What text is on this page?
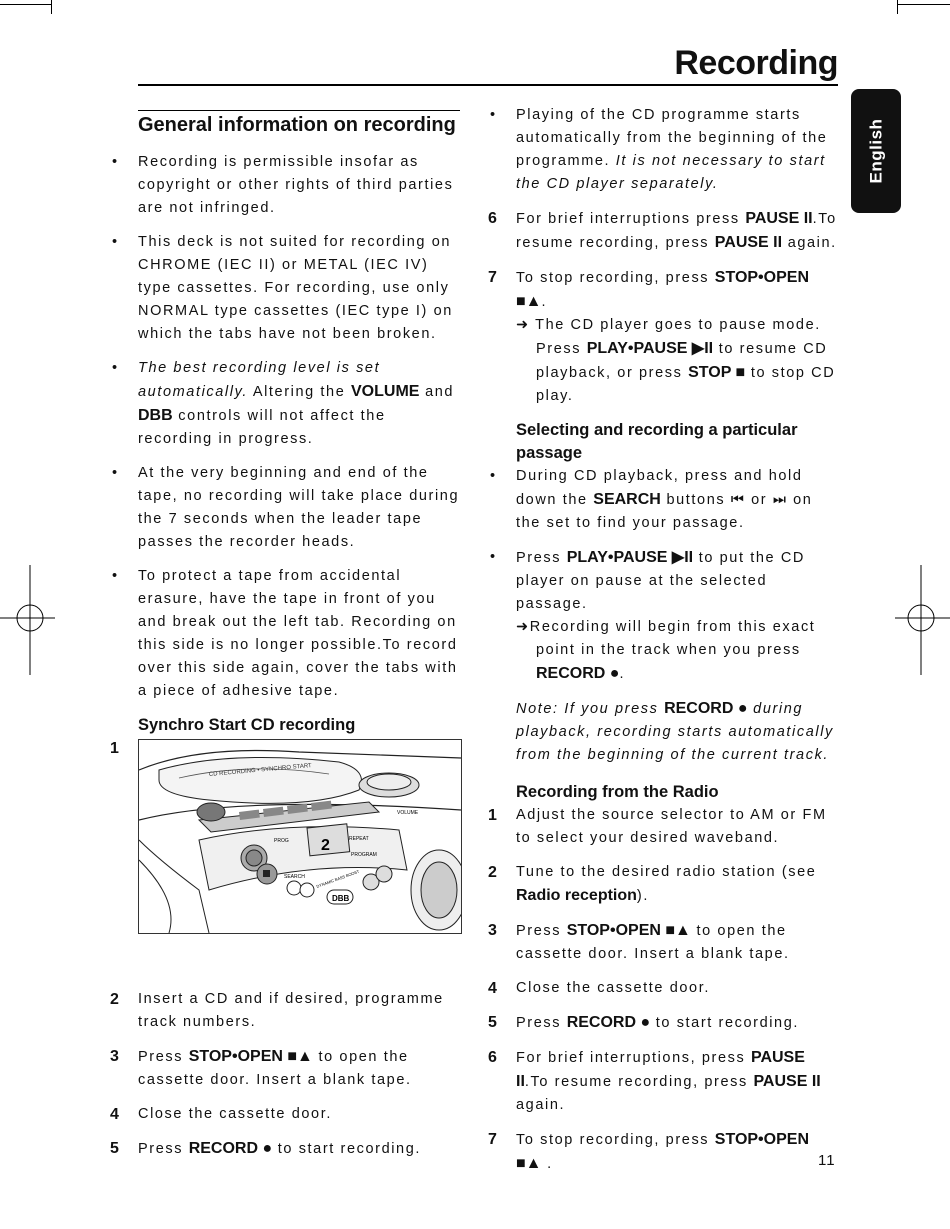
Recording
English
General information on recording
• Recording is permissible insofar as copyright or other rights of third parties are not infringed.
• This deck is not suited for recording on CHROME (IEC II) or METAL (IEC IV) type cassettes. For recording, use only NORMAL type cassettes (IEC type I) on which the tabs have not been broken.
• The best recording level is set automatically. Altering the VOLUME and DBB controls will not affect the recording in progress.
• At the very beginning and end of the tape, no recording will take place during the 7 seconds when the leader tape passes the recorder heads.
• To protect a tape from accidental erasure, have the tape in front of you and break out the left tab. Recording on this side is no longer possible.To record over this side again, cover the tabs with a piece of adhesive tape.
Synchro Start CD recording
1
2 Insert a CD and if desired, programme track numbers.
3 Press STOP•OPEN ■▲ to open the cassette door. Insert a blank tape.
4 Close the cassette door.
5 Press RECORD ● to start recording.
CD RECORDING • SYNCHRO START
2
PROG	REPEAT
PROGRAM
VOLUME
SEARCH
DBB
DYNAMIC BASS BOOST
• Playing of the CD programme starts automatically from the beginning of the programme. It is not necessary to start the CD player separately.
6 For brief interruptions press PAUSE II.To resume recording, press PAUSE II again.
7 To stop recording, press STOP•OPEN ■▲.
➜ The CD player goes to pause mode.
Press PLAY•PAUSE ▶II to resume CD playback, or press STOP ■ to stop CD play.
Selecting and recording a particular passage
• During CD playback, press and hold down the SEARCH buttons ⏮ or ⏭ on the set to find your passage.
• Press PLAY•PAUSE ▶II to put the CD player on pause at the selected passage.
➜Recording will begin from this exact point in the track when you press RECORD ●.
Note: If you press RECORD ● during playback, recording starts automatically from the beginning of the current track.
Recording from the Radio
1 Adjust the source selector to AM or FM to select your desired waveband.
2 Tune to the desired radio station (see Radio reception).
3 Press STOP•OPEN ■▲ to open the cassette door. Insert a blank tape.
4 Close the cassette door.
5 Press RECORD ● to start recording.
6 For brief interruptions, press PAUSE II.To resume recording, press PAUSE II again.
7 To stop recording, press STOP•OPEN ■▲ .	11
